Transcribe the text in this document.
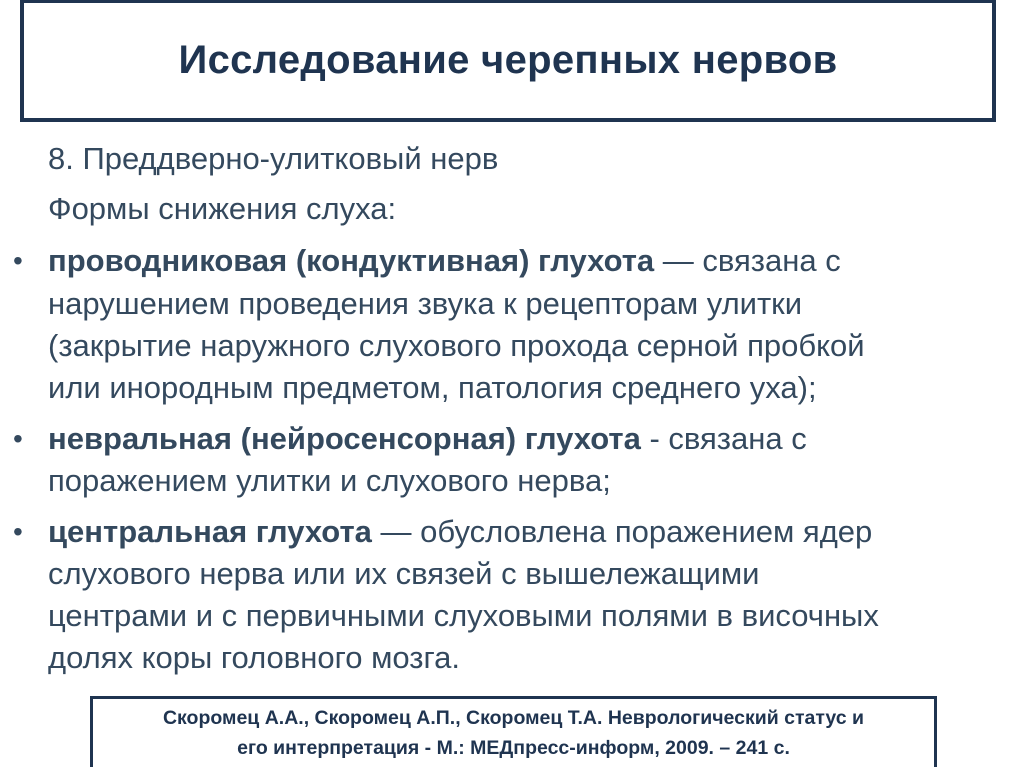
Исследование черепных нервов
8. Преддверно-улитковый нерв
Формы снижения слуха:
• проводниковая (кондуктивная) глухота — связана с
нарушением проведения звука к рецепторам улитки
(закрытие наружного слухового прохода серной пробкой
или инородным предметом, патология среднего уха);
• невральная (нейросенсорная) глухота - связана с
поражением улитки и слухового нерва;
• центральная глухота — обусловлена поражением ядер
слухового нерва или их связей с вышележащими
центрами и с первичными слуховыми полями в височных
долях коры головного мозга.
Скоромец А.А., Скоромец А.П., Скоромец Т.А. Неврологический статус и
его интерпретация - М.: МЕДпресс-информ, 2009. – 241 с.
